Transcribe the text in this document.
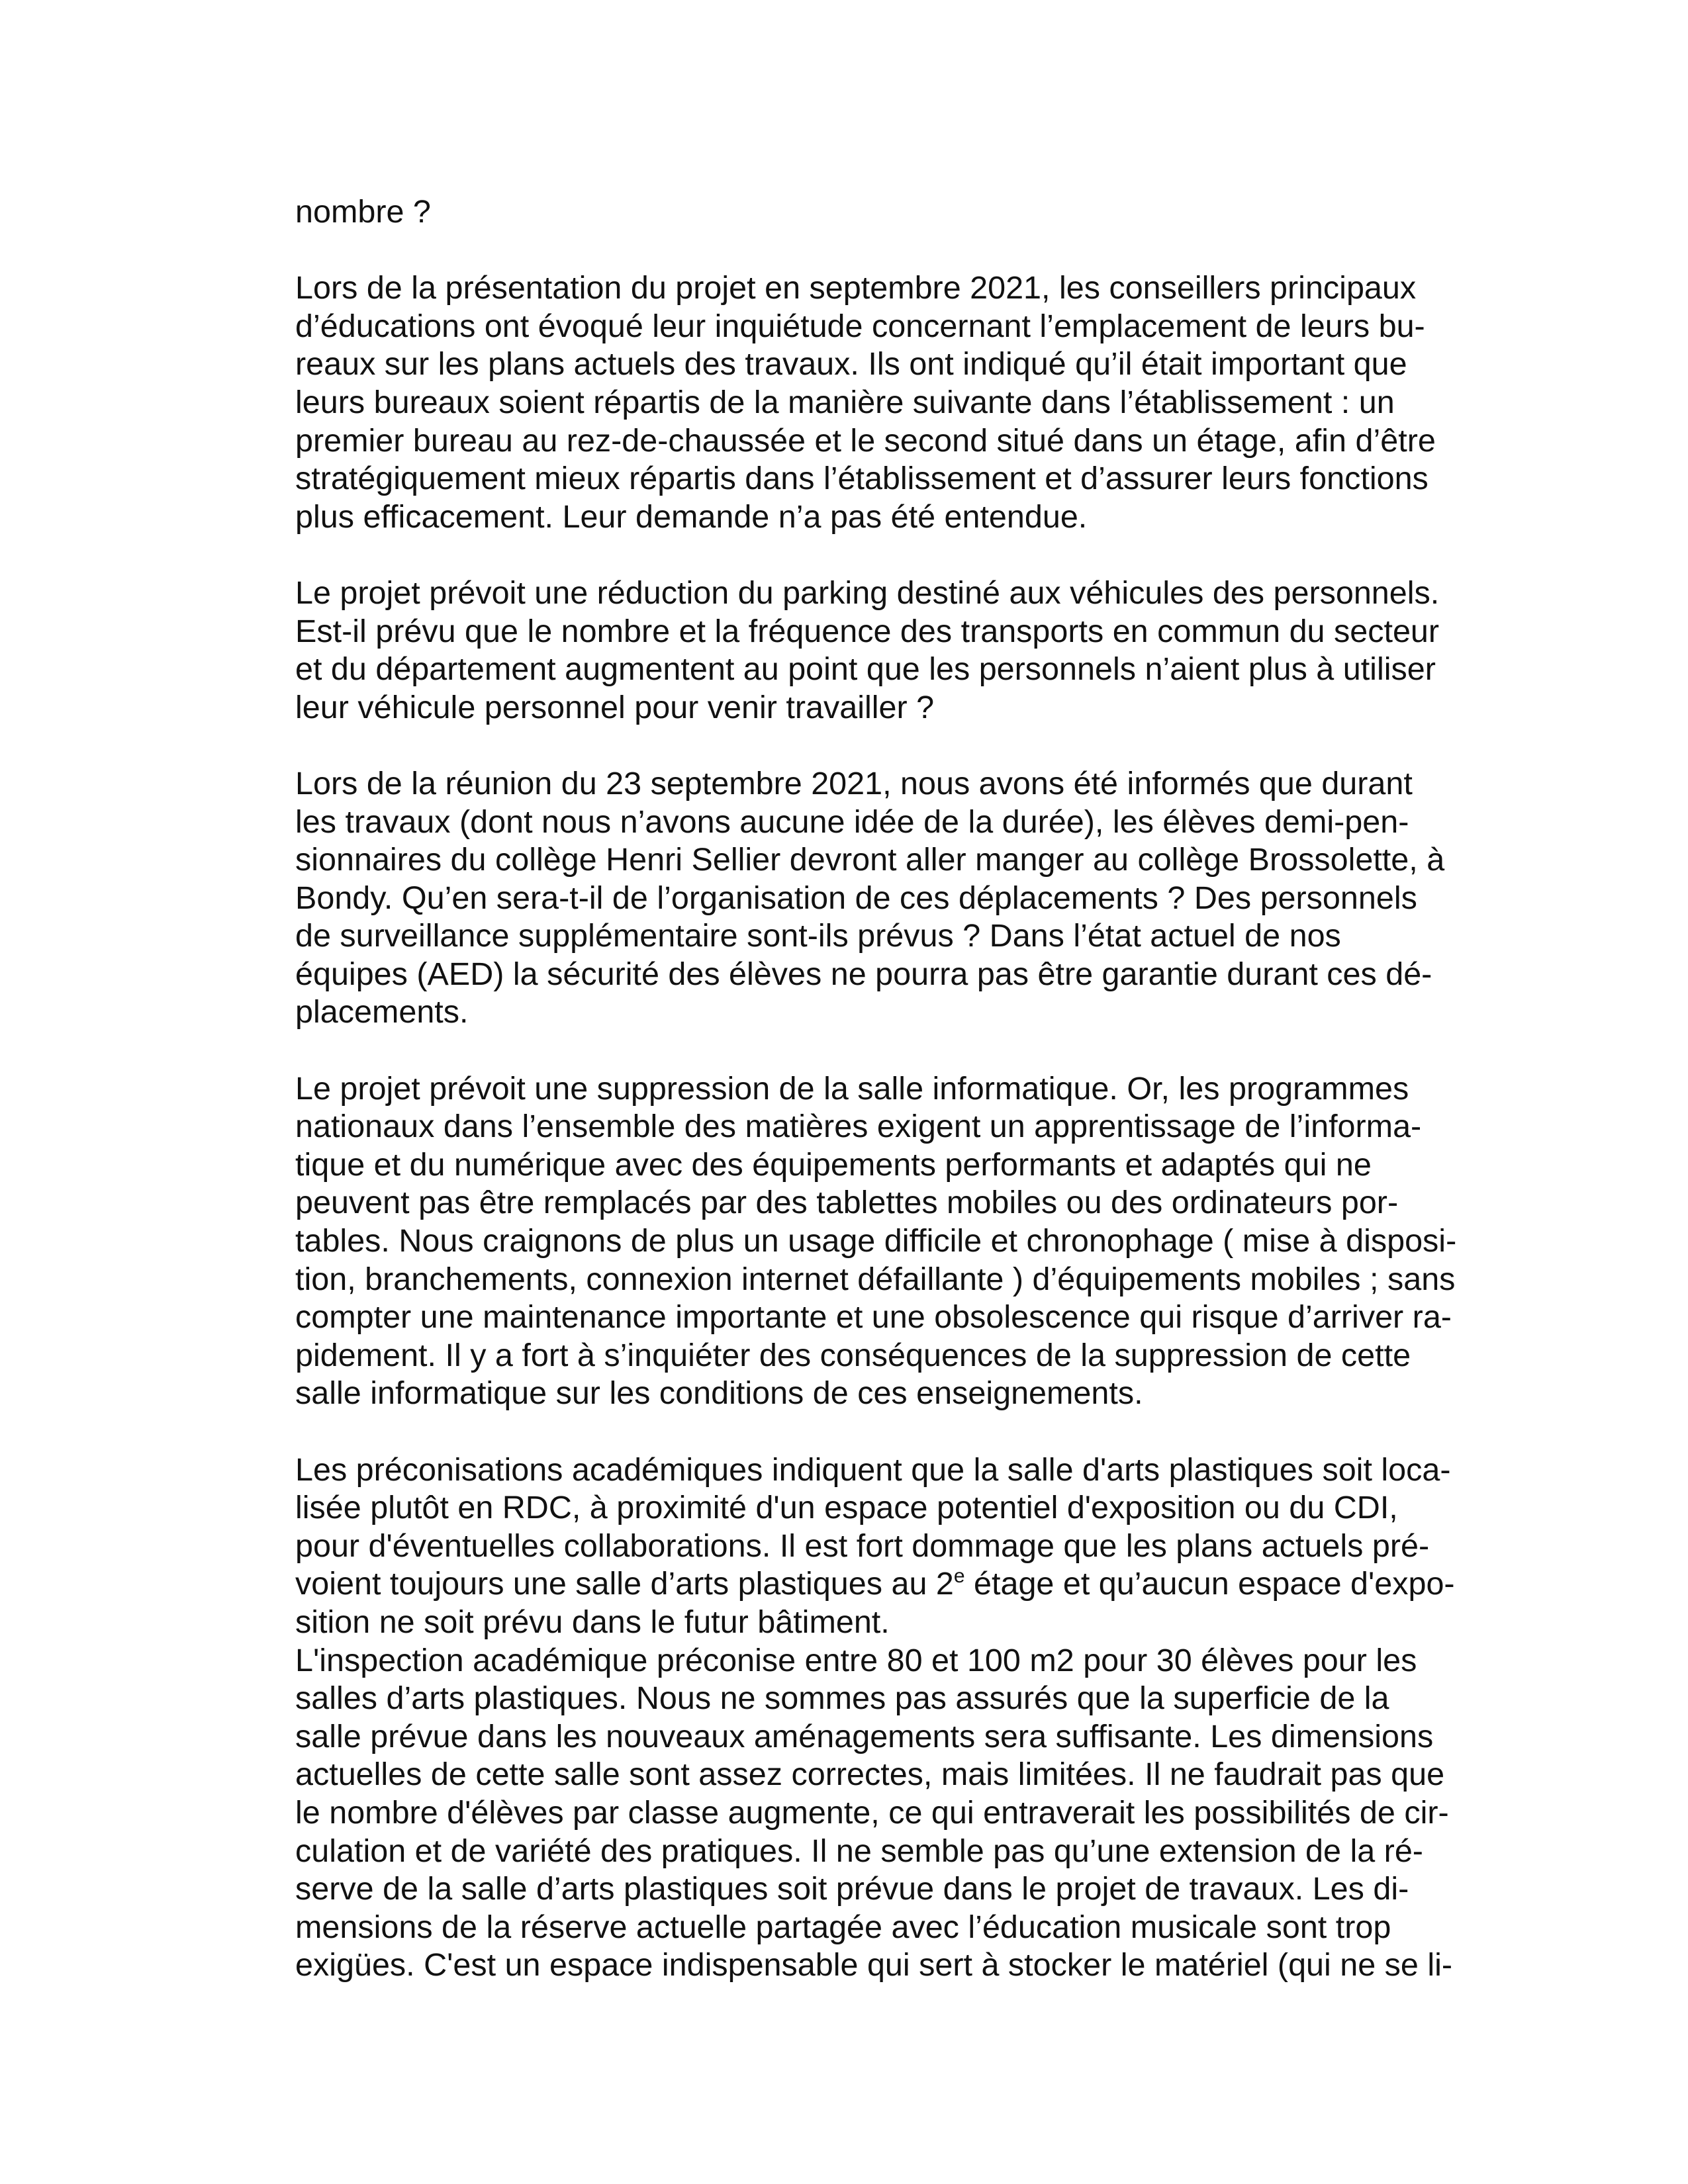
nombre ?

Lors de la présentation du projet en septembre 2021, les conseillers principaux
d’éducations ont évoqué leur inquiétude concernant l’emplacement de leurs bu-
reaux sur les plans actuels des travaux. Ils ont indiqué qu’il était important que
leurs bureaux soient répartis de la manière suivante dans l’établissement : un
premier bureau au rez-de-chaussée et le second situé dans un étage, afin d’être
stratégiquement mieux répartis dans l’établissement et d’assurer leurs fonctions
plus efficacement. Leur demande n’a pas été entendue.

Le projet prévoit une réduction du parking destiné aux véhicules des personnels.
Est-il prévu que le nombre et la fréquence des transports en commun du secteur
et du département augmentent au point que les personnels n’aient plus à utiliser
leur véhicule personnel pour venir travailler ?

Lors de la réunion du 23 septembre 2021, nous avons été informés que durant
les travaux (dont nous n’avons aucune idée de la durée), les élèves demi-pen-
sionnaires du collège Henri Sellier devront aller manger au collège Brossolette, à
Bondy. Qu’en sera-t-il de l’organisation de ces déplacements ? Des personnels
de surveillance supplémentaire sont-ils prévus ? Dans l’état actuel de nos
équipes (AED) la sécurité des élèves ne pourra pas être garantie durant ces dé-
placements.

Le projet prévoit une suppression de la salle informatique. Or, les programmes
nationaux dans l’ensemble des matières exigent un apprentissage de l’informa-
tique et du numérique avec des équipements performants et adaptés qui ne
peuvent pas être remplacés par des tablettes mobiles ou des ordinateurs por-
tables. Nous craignons de plus un usage difficile et chronophage ( mise à disposi-
tion, branchements, connexion internet défaillante ) d’équipements mobiles ; sans
compter une maintenance importante et une obsolescence qui risque d’arriver ra-
pidement. Il y a fort à s’inquiéter des conséquences de la suppression de cette
salle informatique sur les conditions de ces enseignements.

Les préconisations académiques indiquent que la salle d'arts plastiques soit loca-
lisée plutôt en RDC, à proximité d'un espace potentiel d'exposition ou du CDI,
pour d'éventuelles collaborations. Il est fort dommage que les plans actuels pré-
voient toujours une salle d’arts plastiques au 2e étage et qu’aucun espace d'expo-
sition ne soit prévu dans le futur bâtiment.

L'inspection académique préconise entre 80 et 100 m2 pour 30 élèves pour les
salles d’arts plastiques. Nous ne sommes pas assurés que la superficie de la
salle prévue dans les nouveaux aménagements sera suffisante. Les dimensions
actuelles de cette salle sont assez correctes, mais limitées. Il ne faudrait pas que
le nombre d'élèves par classe augmente, ce qui entraverait les possibilités de cir-
culation et de variété des pratiques. Il ne semble pas qu’une extension de la ré-
serve de la salle d’arts plastiques soit prévue dans le projet de travaux. Les di-
mensions de la réserve actuelle partagée avec l’éducation musicale sont trop
exigües. C'est un espace indispensable qui sert à stocker le matériel (qui ne se li-
